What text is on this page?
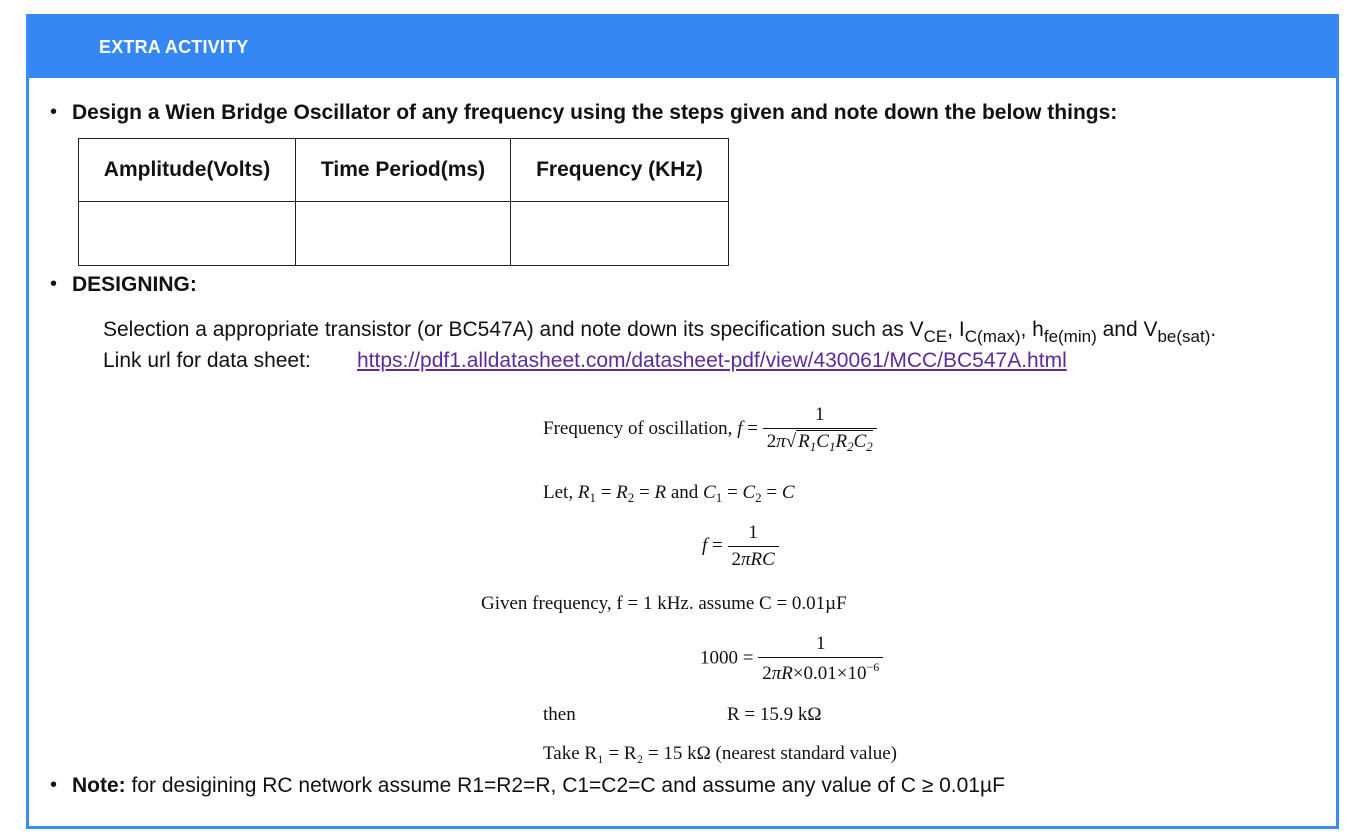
EXTRA ACTIVITY
• Design a Wien Bridge Oscillator of any frequency using the steps given and note down the below things:
Amplitude(Volts)	Time Period(ms)	Frequency (KHz)

• DESIGNING:
Selection a appropriate transistor (or BC547A) and note down its specification such as $V_{CE}$, $I_{C(max)}$, $h_{fe(min)}$ and $V_{be(sat)}$.
Link url for data sheet: https://pdf1.alldatasheet.com/datasheet-pdf/view/430061/MCC/BC547A.html
Frequency of oscillation, $f = \frac{1}{2\pi√ R_1C_1R_2C_2}$
Let, $R_1 = R_2 = R$ and $C_1 = C_2 = C$
$f = \frac{1}{\text{2πRC}}$
Given frequency, f = 1 kHz. assume C = 0.01µF
$1000 = \frac{1}{2\pi R\times 0.01\times 10^{-6}}$
then	R = 15.9 kΩ
Take R₁ = R₂ = 15 kΩ (nearest standard value)
• Note: for desigining RC network assume R1=R2=R, C1=C2=C and assume any value of C ≥ 0.01µF
